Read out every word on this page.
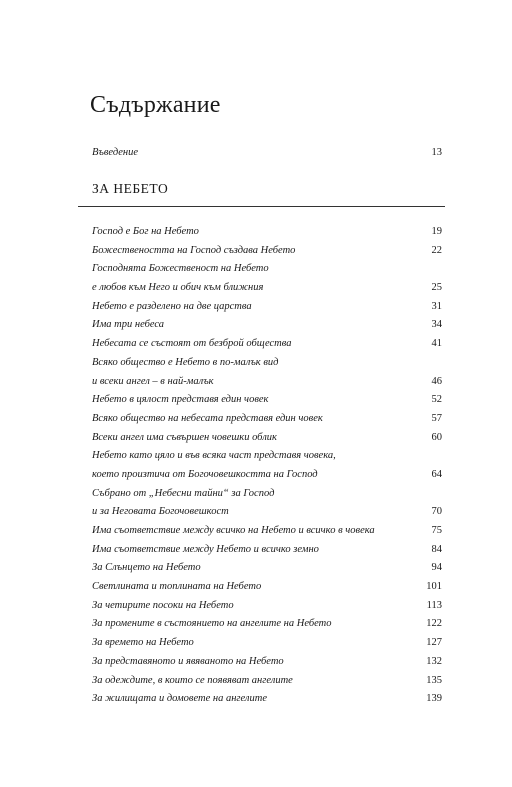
Съдържание
Въведение	13
ЗА НЕБЕТО
Господ е Бог на Небето	19
Божествеността на Господ създава Небето	22
Господнята Божественост на Небето
е любов към Него и обич към ближния	25
Небето е разделено на две царства	31
Има три небеса	34
Небесата се състоят от безброй общества	41
Всяко общество е Небето в по-малък вид
и всеки ангел – в най-малък	46
Небето в цялост представя един човек	52
Всяко общество на небесата представя един човек	57
Всеки ангел има съвършен човешки облик	60
Небето като цяло и във всяка част представя човека,
което произтича от Богочовешкостта на Господ	64
Събрано от „Небесни тайни“ за Господ
и за Неговата Богочовешкост	70
Има съответствие между всичко на Небето и всичко в човека	75
Има съответствие между Небето и всичко земно	84
За Слънцето на Небето	94
Светлината и топлината на Небето	101
За четирите посоки на Небето	113
За промените в състоянието на ангелите на Небето	122
За времето на Небето	127
За представяното и явяваното на Небето	132
За одеждите, в които се появяват ангелите	135
За жилищата и домовете на ангелите	139
